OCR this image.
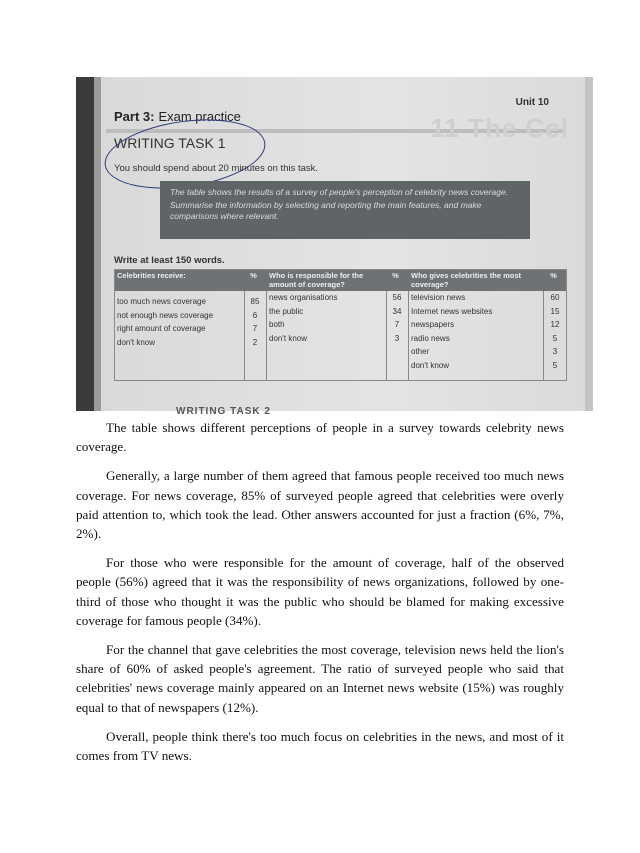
11 The Cel
Unit 10
Part 3: Exam practice
WRITING TASK 1
You should spend about 20 minutes on this task.

The table shows the results of a survey of people's perception of celebrity news coverage.

Summarise the information by selecting and reporting the main features, and make comparisons where relevant.

Write at least 150 words.
Celebrities receive:
too much news coverage
not enough news coverage
right amount of coverage
don't know
%
85
6
7
2
Who is responsible for the amount of coverage?
news organisations
the public
both
don't know
%
56
34
7
3
Who gives celebrities the most coverage?
television news
Internet news websites
newspapers
radio news
other
don't know
%
60
15
12
5
3
5
WRITING TASK 2

The table shows different perceptions of people in a survey towards celebrity news coverage.

Generally, a large number of them agreed that famous people received too much news coverage. For news coverage, 85% of surveyed people agreed that celebrities were overly paid attention to, which took the lead. Other answers accounted for just a fraction (6%, 7%, 2%).

For those who were responsible for the amount of coverage, half of the observed people (56%) agreed that it was the responsibility of news organizations, followed by one-third of those who thought it was the public who should be blamed for making excessive coverage for famous people (34%).

For the channel that gave celebrities the most coverage, television news held the lion's share of 60% of asked people's agreement. The ratio of surveyed people who said that celebrities' news coverage mainly appeared on an Internet news website (15%) was roughly equal to that of newspapers (12%).

Overall, people think there's too much focus on celebrities in the news, and most of it comes from TV news.
